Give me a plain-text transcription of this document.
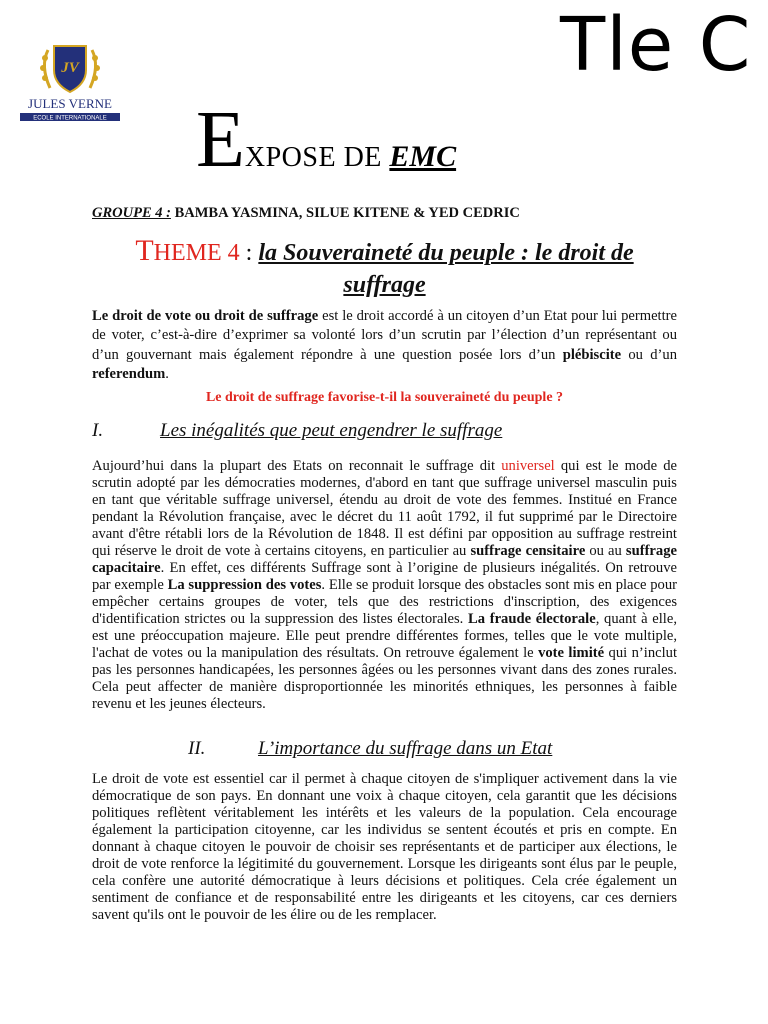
Tle C
JV
JULES VERNE
ECOLE INTERNATIONALE EXPOSE DE EMC
GROUPE 4 : BAMBA YASMINA, SILUE KITENE & YED CEDRIC
THEME 4 : la Souveraineté du peuple : le droit de suffrage
Le droit de vote ou droit de suffrage est le droit accordé à un citoyen d’un Etat pour lui permettre de voter, c’est-à-dire d’exprimer sa volonté lors d’un scrutin par l’élection d’un représentant ou d’un gouvernant mais également répondre à une question posée lors d’un plébiscite ou d’un referendum.
Le droit de suffrage favorise-t-il la souveraineté du peuple ?
I.	Les inégalités que peut engendrer le suffrage
Aujourd’hui dans la plupart des Etats on reconnait le suffrage dit universel qui est le mode de scrutin adopté par les démocraties modernes, d'abord en tant que suffrage universel masculin puis en tant que véritable suffrage universel, étendu au droit de vote des femmes. Institué en France pendant la Révolution française, avec le décret du 11 août 1792, il fut supprimé par le Directoire avant d'être rétabli lors de la Révolution de 1848. Il est défini par opposition au suffrage restreint qui réserve le droit de vote à certains citoyens, en particulier au suffrage censitaire ou au suffrage capacitaire. En effet, ces différents Suffrage sont à l’origine de plusieurs inégalités. On retrouve par exemple La suppression des votes. Elle se produit lorsque des obstacles sont mis en place pour empêcher certains groupes de voter, tels que des restrictions d'inscription, des exigences d'identification strictes ou la suppression des listes électorales. La fraude électorale, quant à elle, est une préoccupation majeure. Elle peut prendre différentes formes, telles que le vote multiple, l'achat de votes ou la manipulation des résultats. On retrouve également le vote limité qui n’inclut pas les personnes handicapées, les personnes âgées ou les personnes vivant dans des zones rurales. Cela peut affecter de manière disproportionnée les minorités ethniques, les personnes à faible revenu et les jeunes électeurs.
II.	L’importance du suffrage dans un Etat
Le droit de vote est essentiel car il permet à chaque citoyen de s'impliquer activement dans la vie démocratique de son pays. En donnant une voix à chaque citoyen, cela garantit que les décisions politiques reflètent véritablement les intérêts et les valeurs de la population. Cela encourage également la participation citoyenne, car les individus se sentent écoutés et pris en compte. En donnant à chaque citoyen le pouvoir de choisir ses représentants et de participer aux élections, le droit de vote renforce la légitimité du gouvernement. Lorsque les dirigeants sont élus par le peuple, cela confère une autorité démocratique à leurs décisions et politiques. Cela crée également un sentiment de confiance et de responsabilité entre les dirigeants et les citoyens, car ces derniers savent qu'ils ont le pouvoir de les élire ou de les remplacer.
